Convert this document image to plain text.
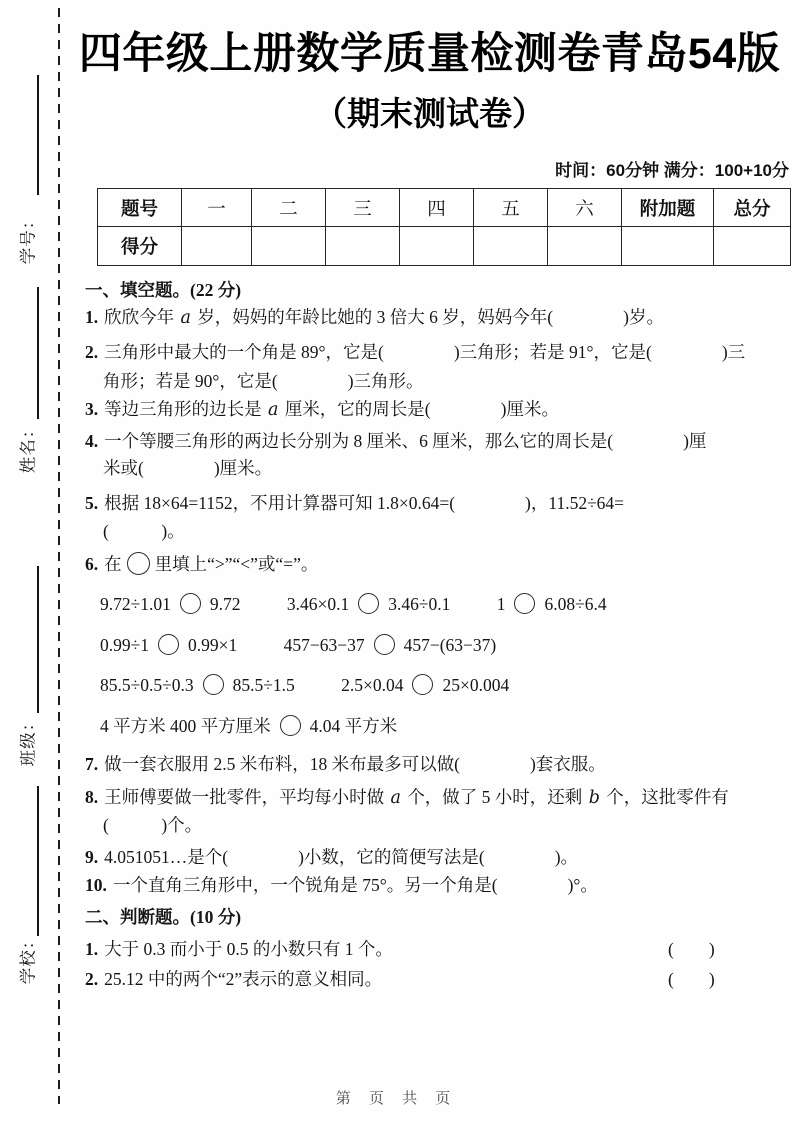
学号：
姓名：
班级：
学校：
四年级上册数学质量检测卷青岛54版
（期末测试卷）
时间：60分钟 满分：100+10分
题号	一	二	三	四	五	六	附加题	总分
得分								
一、填空题。(22 分)
1. 欣欣今年 a 岁，妈妈的年龄比她的 3 倍大 6 岁，妈妈今年(　　　　)岁。
2. 三角形中最大的一个角是 89°，它是(　　　　)三角形；若是 91°，它是(　　　　)三
角形；若是 90°，它是(　　　　)三角形。
3. 等边三角形的边长是 a 厘米，它的周长是(　　　　)厘米。
4. 一个等腰三角形的两边长分别为 8 厘米、6 厘米，那么它的周长是(　　　　)厘
米或(　　　　)厘米。
5. 根据 18×64=1152，不用计算器可知 1.8×0.64=(　　　　)，11.52÷64=
(　　　)。
6. 在 里填上“>”“<”或“=”。
9.72÷1.01 9.72	3.46×0.1 3.46÷0.1	1 6.08÷6.4
0.99÷1 0.99×1	457−63−37 457−(63−37)
85.5÷0.5÷0.3 85.5÷1.5	2.5×0.04 25×0.004
4 平方米 400 平方厘米 4.04 平方米
7. 做一套衣服用 2.5 米布料，18 米布最多可以做(　　　　)套衣服。
8. 王师傅要做一批零件，平均每小时做 a 个，做了 5 小时，还剩 b 个，这批零件有
(　　　)个。
9. 4.051051…是个(　　　　)小数，它的简便写法是(　　　　)。
10. 一个直角三角形中，一个锐角是 75°。另一个角是(　　　　)°。
二、判断题。(10 分)
1. 大于 0.3 而小于 0.5 的小数只有 1 个。	(　　)
2. 25.12 中的两个“2”表示的意义相同。	(　　)
第 页 共 页
